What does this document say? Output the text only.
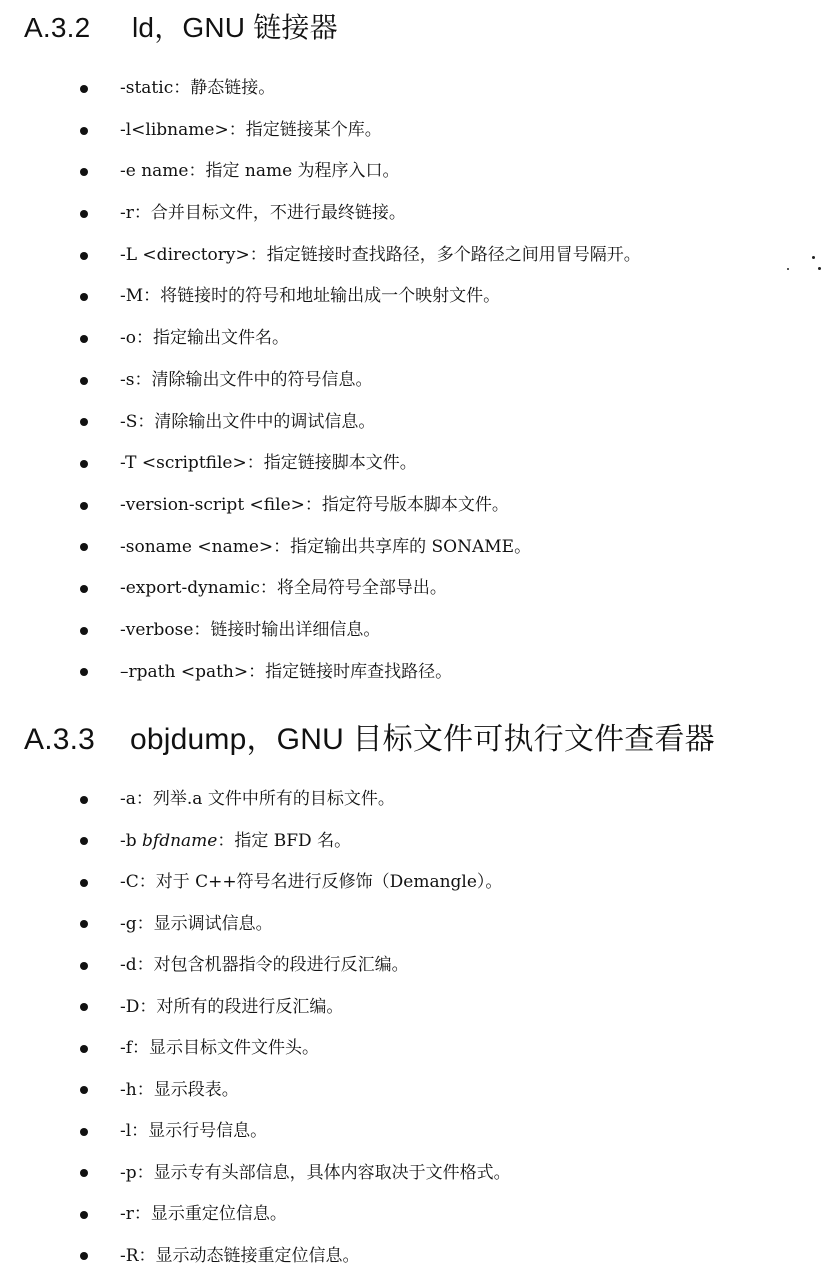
A.3.2 ld，GNU 链接器
-static：静态链接。
-l<libname>：指定链接某个库。
-e name：指定 name 为程序入口。
-r：合并目标文件，不进行最终链接。
-L <directory>：指定链接时查找路径，多个路径之间用冒号隔开。
-M：将链接时的符号和地址输出成一个映射文件。
-o：指定输出文件名。
-s：清除输出文件中的符号信息。
-S：清除输出文件中的调试信息。
-T <scriptfile>：指定链接脚本文件。
-version-script <file>：指定符号版本脚本文件。
-soname <name>：指定输出共享库的 SONAME。
-export-dynamic：将全局符号全部导出。
-verbose：链接时输出详细信息。
–rpath <path>：指定链接时库查找路径。
A.3.3 objdump，GNU 目标文件可执行文件查看器
-a：列举.a 文件中所有的目标文件。
-b bfdname：指定 BFD 名。
-C：对于 C++符号名进行反修饰（Demangle）。
-g：显示调试信息。
-d：对包含机器指令的段进行反汇编。
-D：对所有的段进行反汇编。
-f：显示目标文件文件头。
-h：显示段表。
-l：显示行号信息。
-p：显示专有头部信息，具体内容取决于文件格式。
-r：显示重定位信息。
-R：显示动态链接重定位信息。
